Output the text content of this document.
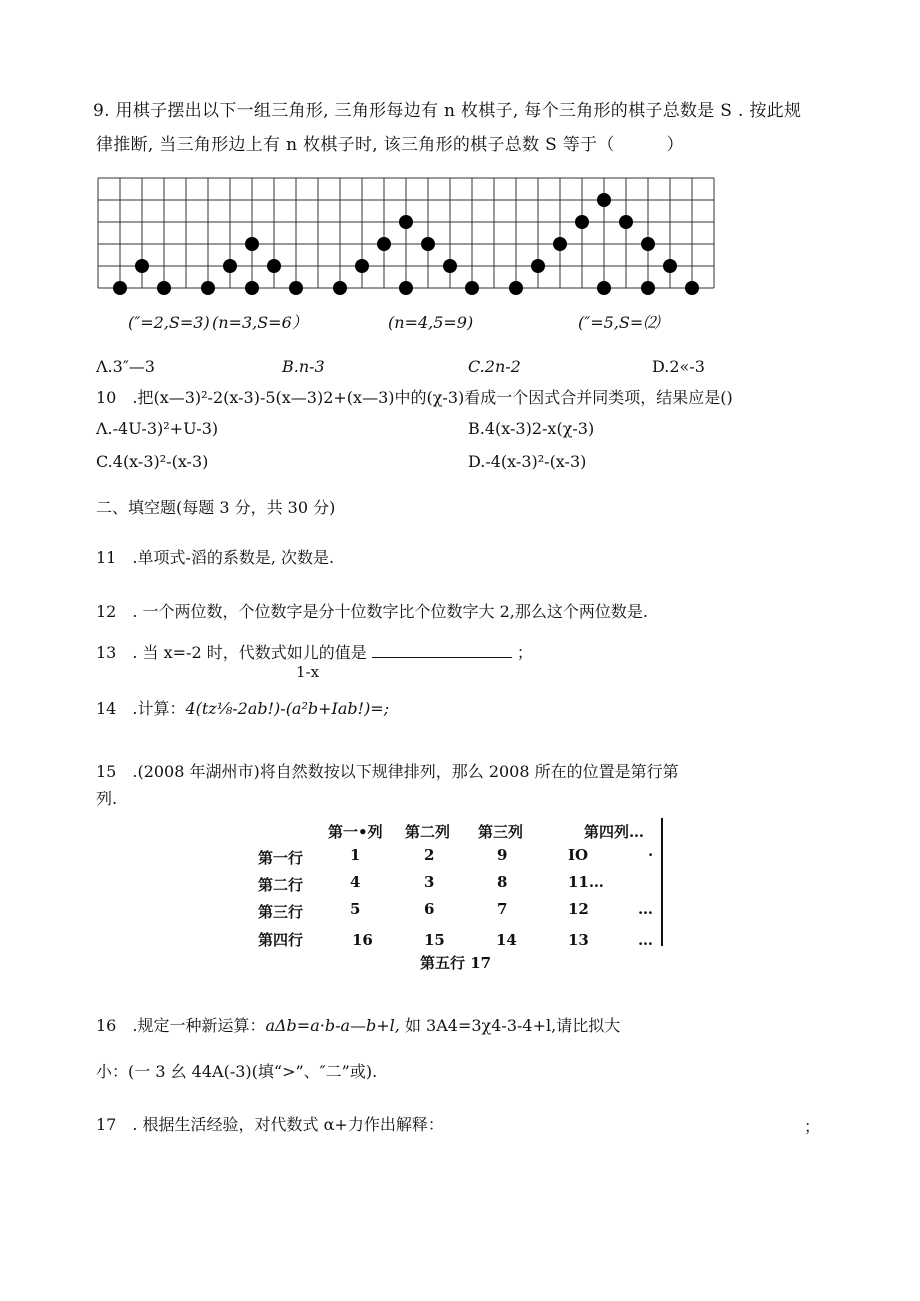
9. 用棋子摆出以下一组三角形, 三角形每边有 n 枚棋子, 每个三角形的棋子总数是 S . 按此规
律推断, 当三角形边上有 n 枚棋子时, 该三角形的棋子总数 S 等于（　　　）
(″=2,S=3) (n=3,S=6）	(n=4,5=9)	(″=5,S=⑵
Λ.3″—3	B.n-3	C.2n-2	D.2«-3
10　.把(x—3)²-2(x-3)-5(x—3)2+(x—3)中的(χ-3)看成一个因式合并同类项，结果应是()
Λ.-4U-3)²+U-3)	B.4(x-3)2-x(χ-3)
C.4(x-3)²-(x-3)	D.-4(x-3)²-(x-3)
二、填空题(每题 3 分，共 30 分)
11　.单项式-滔的系数是, 次数是.
12　. 一个两位数，个位数字是分十位数字比个位数字大 2,那么这个两位数是.
13　. 当 x=-2 时，代数式如儿的值是	；
1-x
14　.计算：4(tz⅛-2ab!)-(a²b+Iab!)=;
15　.(2008 年湖州市)将自然数按以下规律排列，那么 2008 所在的位置是第行第
列.
第一•列 第二列 第三列	第四列…
第一行	1	2	9	IO	·
第二行	4	3	8	11…
第三行	5	6	7	12	…
第四行	16	15	14	13	…
第五行 17
16　.规定一种新运算：aΔb=a·b-a—b+l, 如 3A4=3χ4-3-4+l,请比拟大
小：(一 3 幺 44A(-3)(填“>”、″二”或).
17　. 根据生活经验，对代数式 α+力作出解释：	；
